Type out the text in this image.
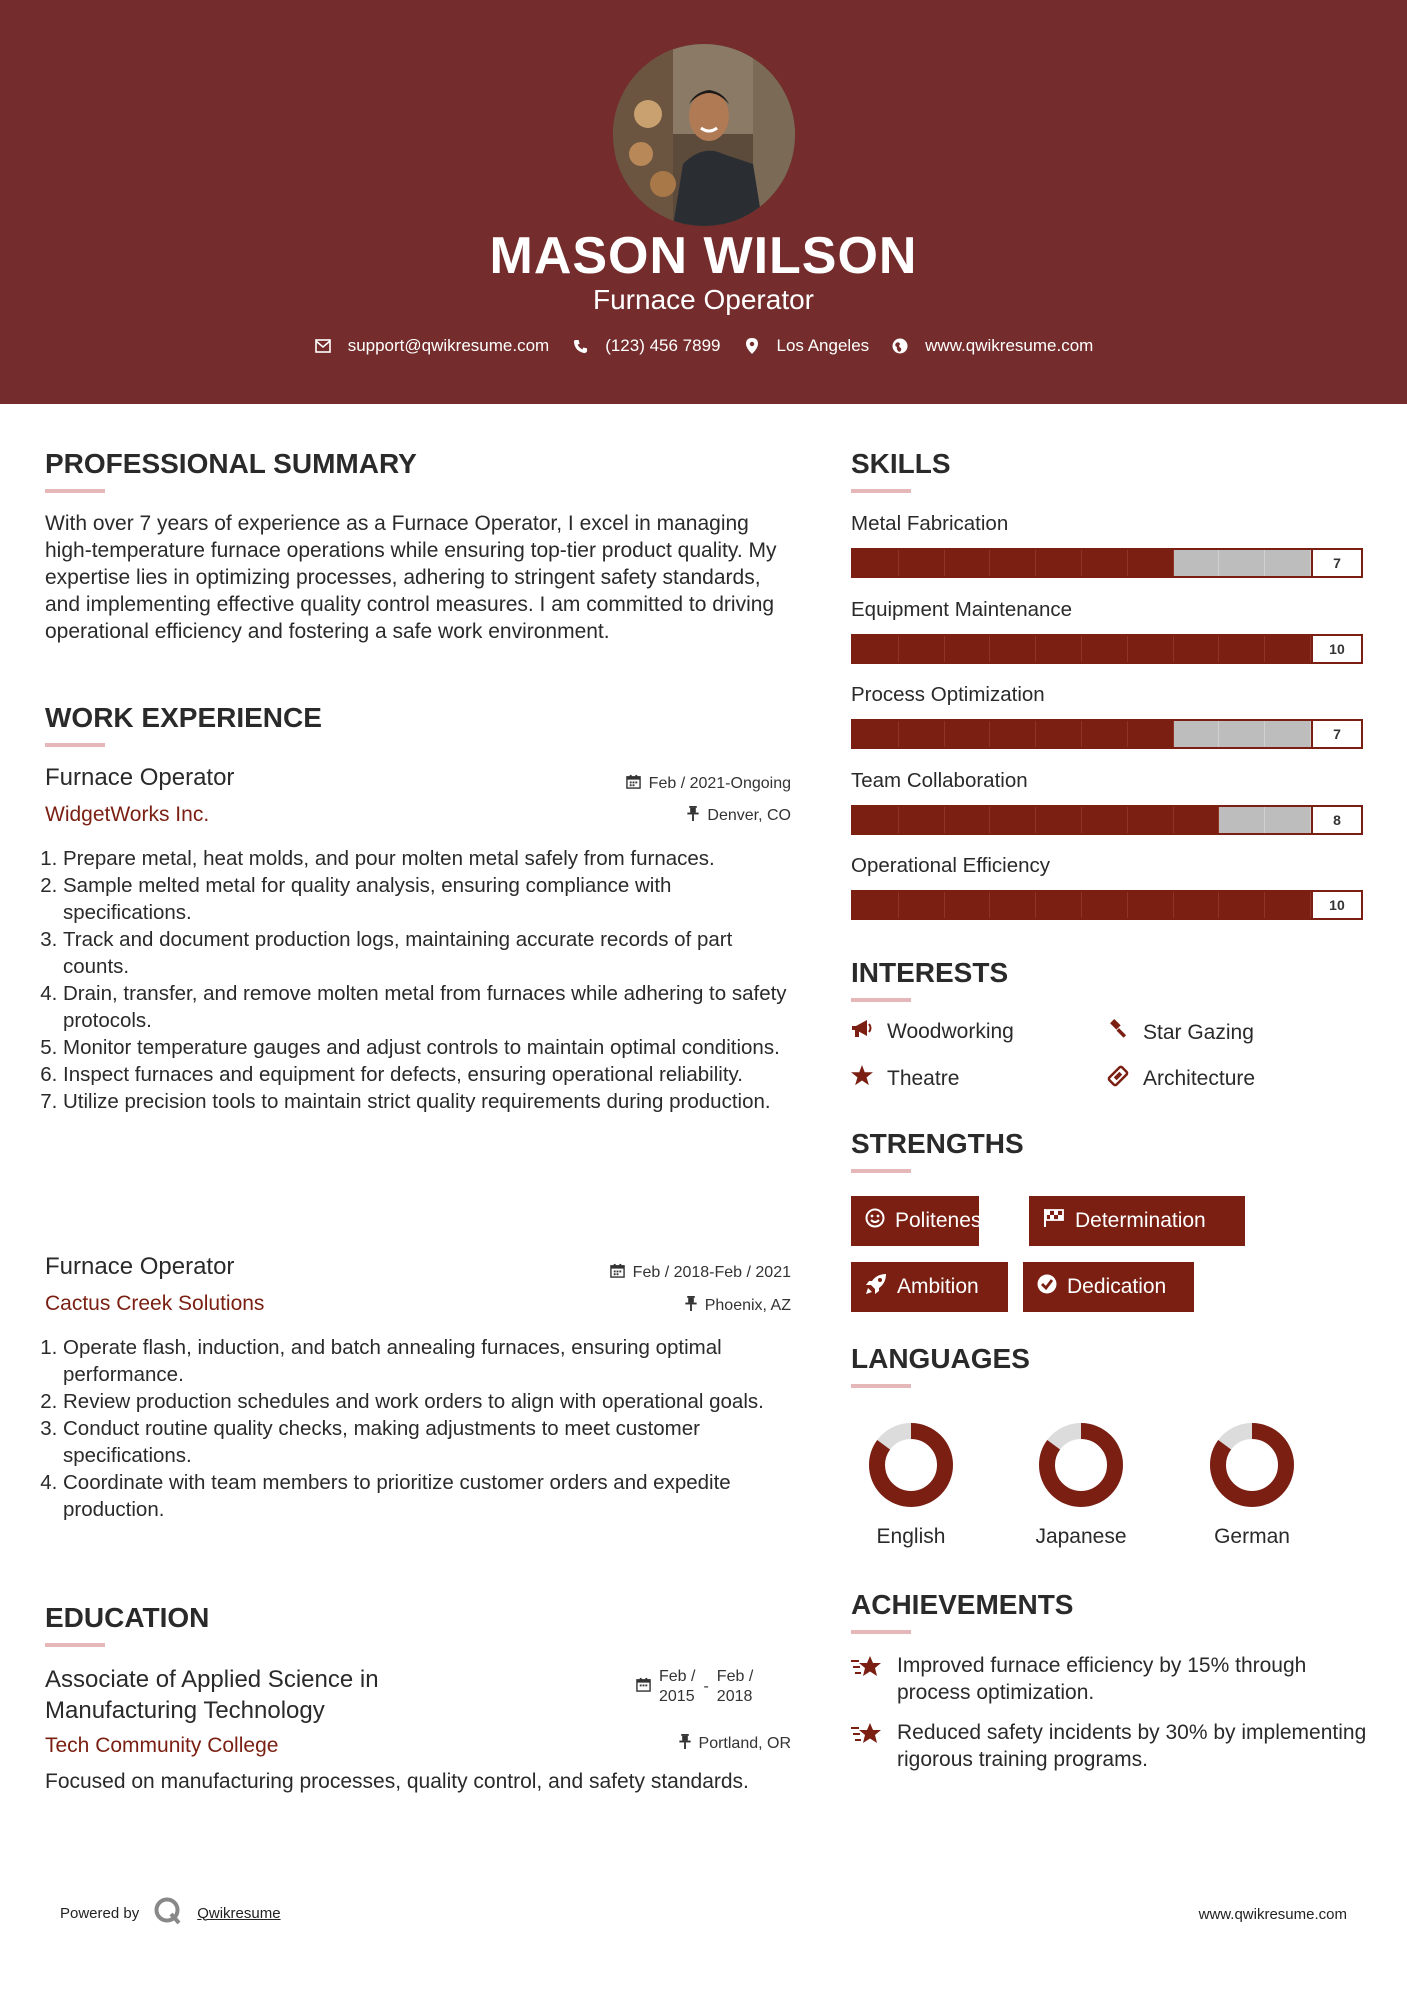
MASON WILSON
Furnace Operator
support@qwikresume.com	(123) 456 7899	Los Angeles	www.qwikresume.com
PROFESSIONAL SUMMARY
With over 7 years of experience as a Furnace Operator, I excel in managing high-temperature furnace operations while ensuring top-tier product quality. My expertise lies in optimizing processes, adhering to stringent safety standards, and implementing effective quality control measures. I am committed to driving operational efficiency and fostering a safe work environment.
WORK EXPERIENCE
Furnace Operator	Feb / 2021-Ongoing
WidgetWorks Inc.	Denver, CO
1. Prepare metal, heat molds, and pour molten metal safely from furnaces.
2. Sample melted metal for quality analysis, ensuring compliance with specifications.
3. Track and document production logs, maintaining accurate records of part counts.
4. Drain, transfer, and remove molten metal from furnaces while adhering to safety protocols.
5. Monitor temperature gauges and adjust controls to maintain optimal conditions.
6. Inspect furnaces and equipment for defects, ensuring operational reliability.
7. Utilize precision tools to maintain strict quality requirements during production.
Furnace Operator	Feb / 2018-Feb / 2021
Cactus Creek Solutions	Phoenix, AZ
1. Operate flash, induction, and batch annealing furnaces, ensuring optimal performance.
2. Review production schedules and work orders to align with operational goals.
3. Conduct routine quality checks, making adjustments to meet customer specifications.
4. Coordinate with team members to prioritize customer orders and expedite production.
EDUCATION
Associate of Applied Science in
Manufacturing Technology
Feb /
2015
-
Feb /
2018
Tech Community College	Portland, OR
Focused on manufacturing processes, quality control, and safety standards.
SKILLS
Metal Fabrication
7
Equipment Maintenance
10
Process Optimization
7
Team Collaboration
8
Operational Efficiency
10
INTERESTS
Woodworking	Star Gazing
Theatre	Architecture
STRENGTHS
Politeness	Determination
Ambition	Dedication
LANGUAGES
English	Japanese	German
ACHIEVEMENTS
Improved furnace efficiency by 15% through process optimization.
Reduced safety incidents by 30% by implementing rigorous training programs.
Powered by	Qwikresume	www.qwikresume.com
